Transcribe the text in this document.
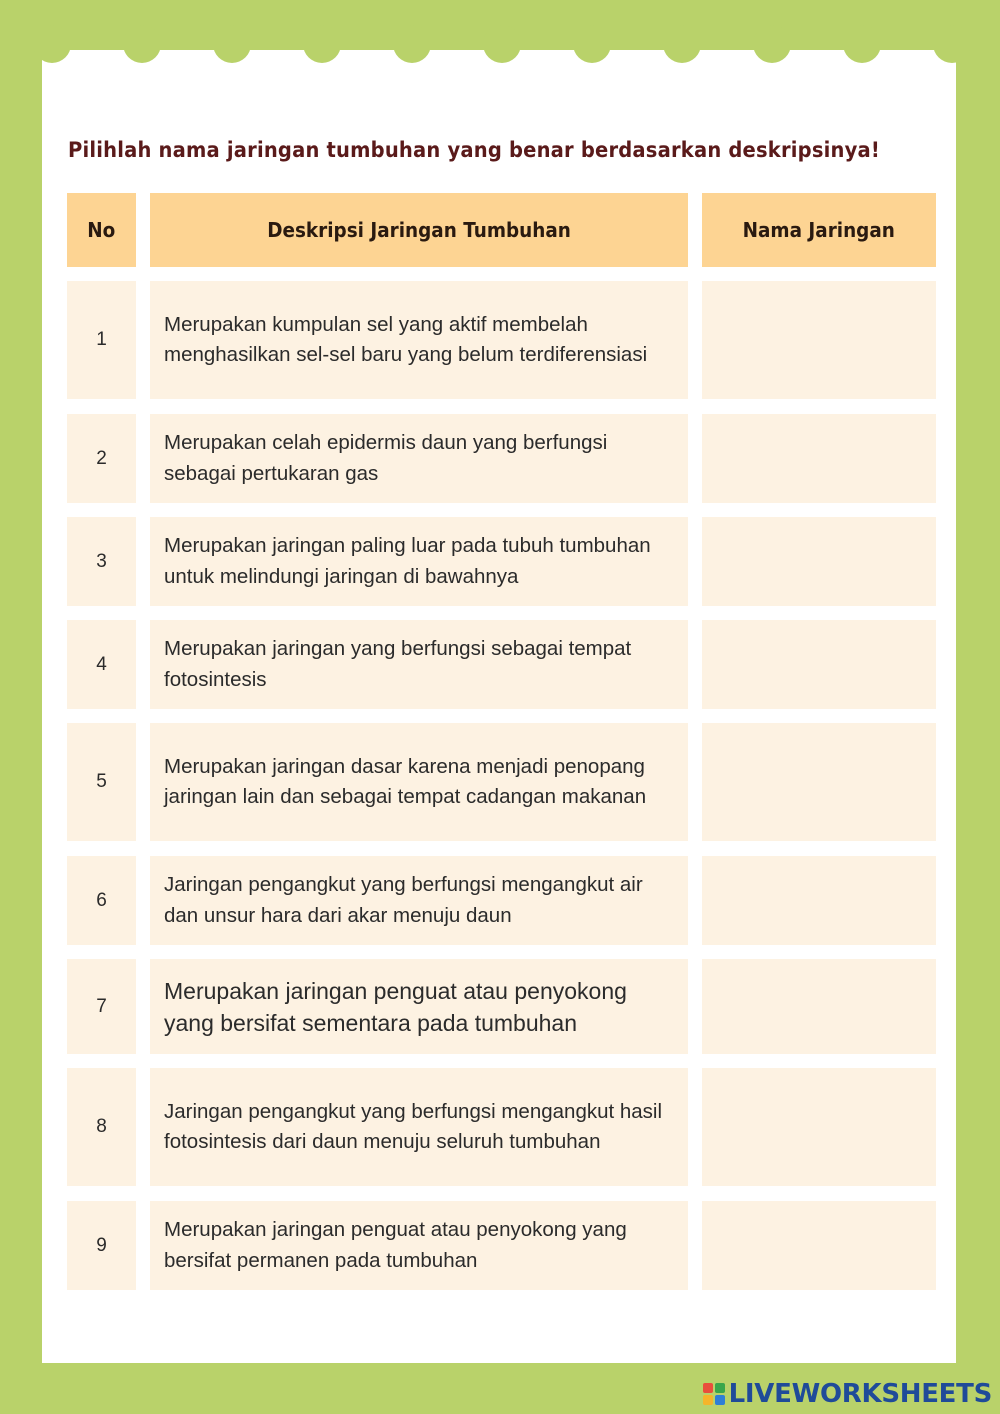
Pilihlah nama jaringan tumbuhan yang benar berdasarkan deskripsinya!
No	Deskripsi Jaringan Tumbuhan	Nama Jaringan
1
Merupakan kumpulan sel yang aktif membelah menghasilkan sel-sel baru yang belum terdiferensiasi
2
Merupakan celah epidermis daun yang berfungsi sebagai pertukaran gas
3
Merupakan jaringan paling luar pada tubuh tumbuhan untuk melindungi jaringan di bawahnya
4
Merupakan jaringan yang berfungsi sebagai tempat fotosintesis
5
Merupakan jaringan dasar karena menjadi penopang jaringan lain dan sebagai tempat cadangan makanan
6
Jaringan pengangkut yang berfungsi mengangkut air dan unsur hara dari akar menuju daun
7
Merupakan jaringan penguat atau penyokong yang bersifat sementara pada tumbuhan
8
Jaringan pengangkut yang berfungsi mengangkut hasil fotosintesis dari daun menuju seluruh tumbuhan
9
Merupakan jaringan penguat atau penyokong yang bersifat permanen pada tumbuhan
LIVEWORKSHEETS
